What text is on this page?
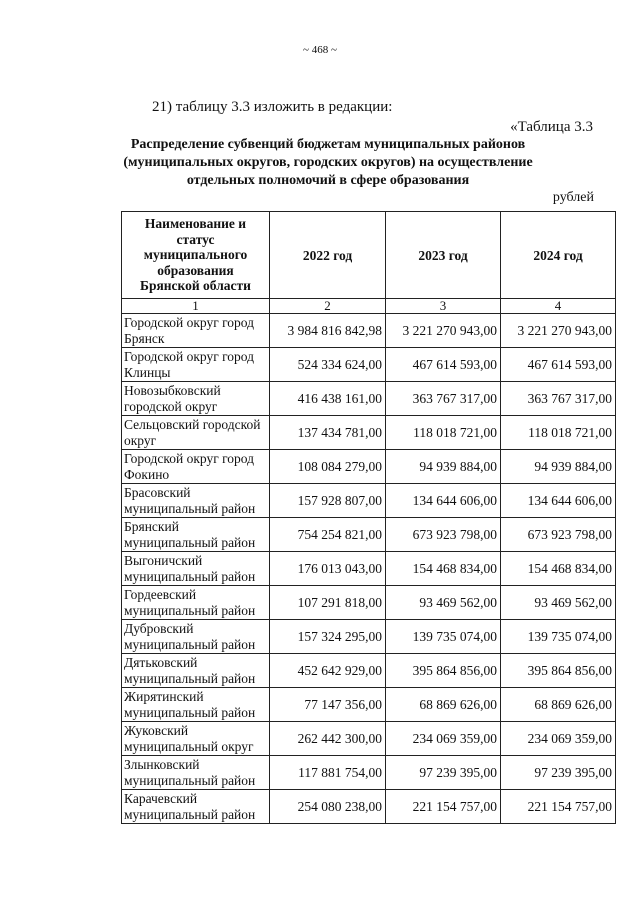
~ 468 ~
21) таблицу 3.3 изложить в редакции:
«Таблица 3.3
Распределение субвенций бюджетам муниципальных районов
(муниципальных округов, городских округов) на осуществление
отдельных полномочий в сфере образования
рублей
Наименование и статус муниципального образования Брянской области	2022 год	2023 год	2024 год
1	2	3	4
Городской округ город Брянск	3 984 816 842,98	3 221 270 943,00	3 221 270 943,00
Городской округ город Клинцы	524 334 624,00	467 614 593,00	467 614 593,00
Новозыбковский городской округ	416 438 161,00	363 767 317,00	363 767 317,00
Сельцовский городской округ	137 434 781,00	118 018 721,00	118 018 721,00
Городской округ город Фокино	108 084 279,00	94 939 884,00	94 939 884,00
Брасовский муниципальный район	157 928 807,00	134 644 606,00	134 644 606,00
Брянский муниципальный район	754 254 821,00	673 923 798,00	673 923 798,00
Выгоничский муниципальный район	176 013 043,00	154 468 834,00	154 468 834,00
Гордеевский муниципальный район	107 291 818,00	93 469 562,00	93 469 562,00
Дубровский муниципальный район	157 324 295,00	139 735 074,00	139 735 074,00
Дятьковский муниципальный район	452 642 929,00	395 864 856,00	395 864 856,00
Жирятинский муниципальный район	77 147 356,00	68 869 626,00	68 869 626,00
Жуковский муниципальный округ	262 442 300,00	234 069 359,00	234 069 359,00
Злынковский муниципальный район	117 881 754,00	97 239 395,00	97 239 395,00
Карачевский муниципальный район	254 080 238,00	221 154 757,00	221 154 757,00
